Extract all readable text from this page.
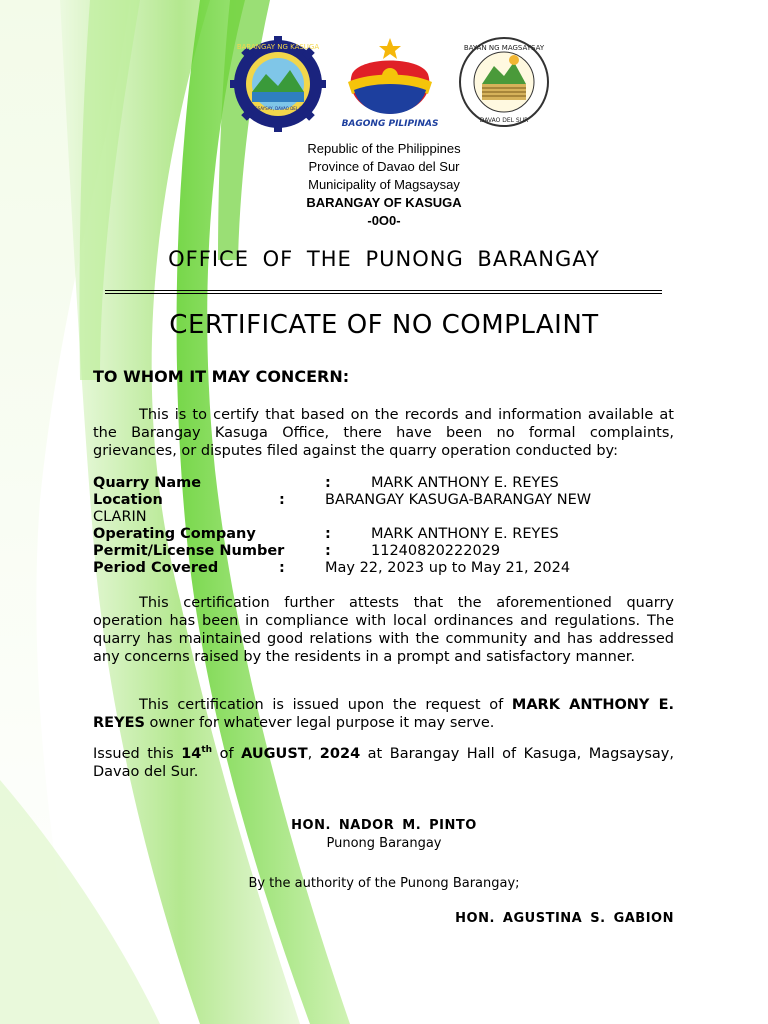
BARANGAY NG KASUGA
MAGSAYSAY, DAVAO DEL SUR
BAGONG PILIPINAS
BAYAN NG MAGSAYSAY
DAVAO DEL SUR
Republic of the Philippines
Province of Davao del Sur
Municipality of Magsaysay
BARANGAY OF KASUGA
-0O0-
OFFICE OF THE PUNONG BARANGAY
CERTIFICATE OF NO COMPLAINT
TO WHOM IT MAY CONCERN:
This is to certify that based on the records and information available at the Barangay Kasuga Office, there have been no formal complaints, grievances, or disputes filed against the quarry operation conducted by:
Quarry Name	:	MARK ANTHONY E. REYES
Location	:	BARANGAY KASUGA-BARANGAY NEW
CLARIN
Operating Company	:	MARK ANTHONY E. REYES
Permit/License Number	:	11240820222029
Period Covered	:	May 22, 2023 up to May 21, 2024
This certification further attests that the aforementioned quarry operation has been in compliance with local ordinances and regulations. The quarry has maintained good relations with the community and has addressed any concerns raised by the residents in a prompt and satisfactory manner.
This certification is issued upon the request of MARK ANTHONY E. REYES owner for whatever legal purpose it may serve.
Issued this 14th of AUGUST, 2024 at Barangay Hall of Kasuga, Magsaysay, Davao del Sur.
HON. NADOR M. PINTO
Punong Barangay
By the authority of the Punong Barangay;
HON. AGUSTINA S. GABION
